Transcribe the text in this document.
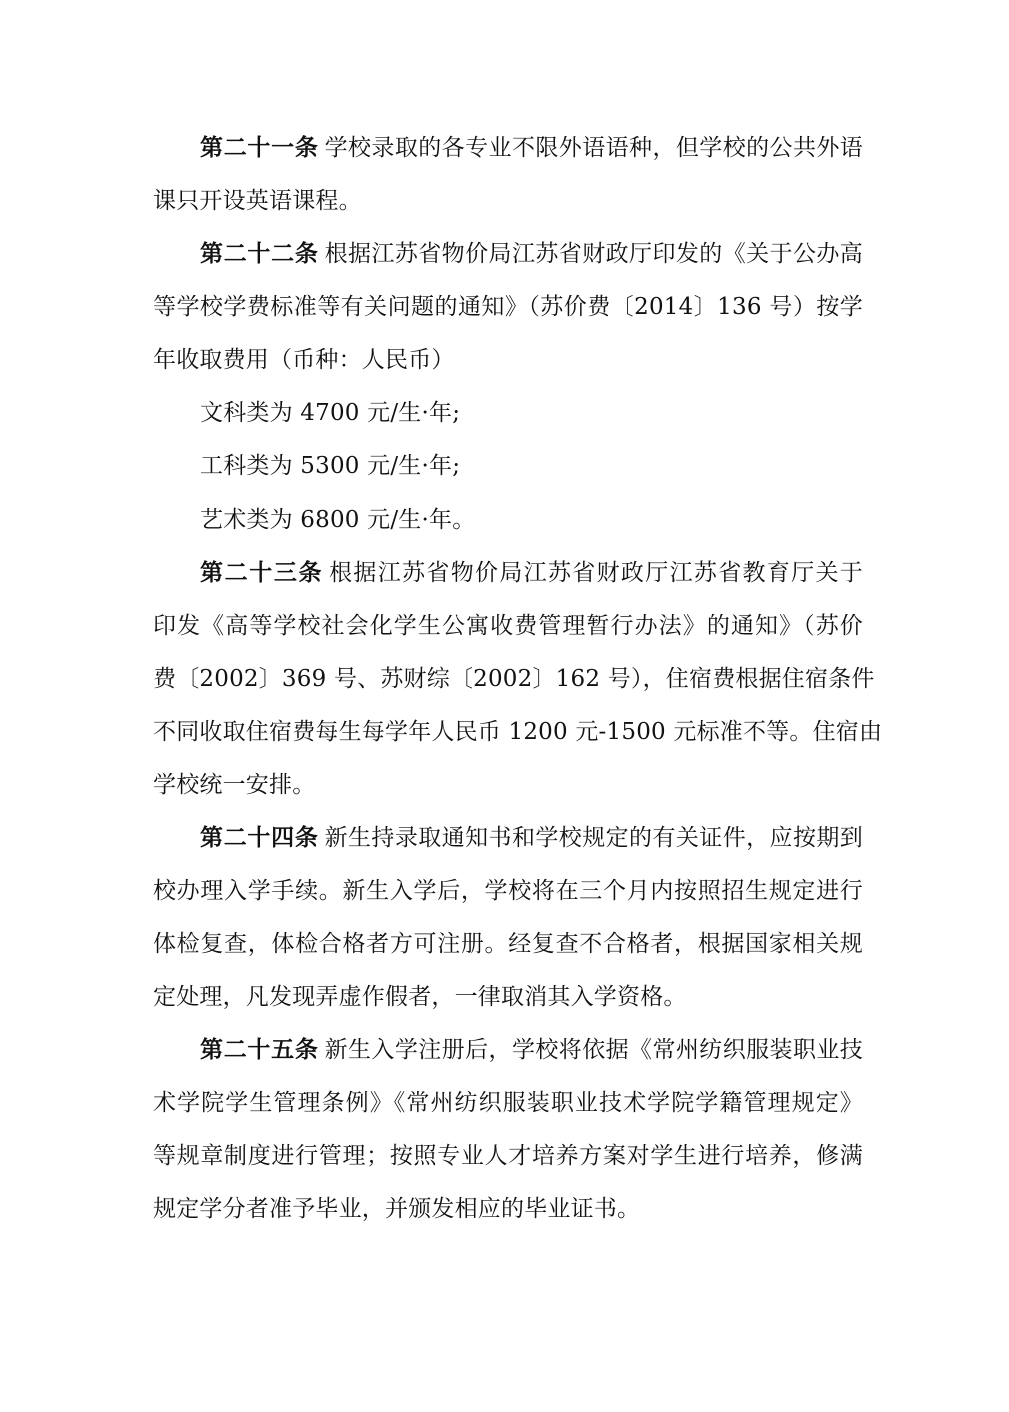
第二十一条 学校录取的各专业不限外语语种，但学校的公共外语
课只开设英语课程。
第二十二条 根据江苏省物价局江苏省财政厅印发的《关于公办高
等学校学费标准等有关问题的通知》（苏价费〔2014〕136 号）按学
年收取费用（币种：人民币）
文科类为 4700 元/生·年;
工科类为 5300 元/生·年;
艺术类为 6800 元/生·年。
第二十三条 根据江苏省物价局江苏省财政厅江苏省教育厅关于
印发《高等学校社会化学生公寓收费管理暂行办法》的通知》（苏价
费〔2002〕369 号、苏财综〔2002〕162 号），住宿费根据住宿条件
不同收取住宿费每生每学年人民币 1200 元-1500 元标准不等。住宿由
学校统一安排。
第二十四条 新生持录取通知书和学校规定的有关证件，应按期到
校办理入学手续。新生入学后，学校将在三个月内按照招生规定进行
体检复查，体检合格者方可注册。经复查不合格者，根据国家相关规
定处理，凡发现弄虚作假者，一律取消其入学资格。
第二十五条 新生入学注册后，学校将依据《常州纺织服装职业技
术学院学生管理条例》《常州纺织服装职业技术学院学籍管理规定》
等规章制度进行管理；按照专业人才培养方案对学生进行培养，修满
规定学分者准予毕业，并颁发相应的毕业证书。
